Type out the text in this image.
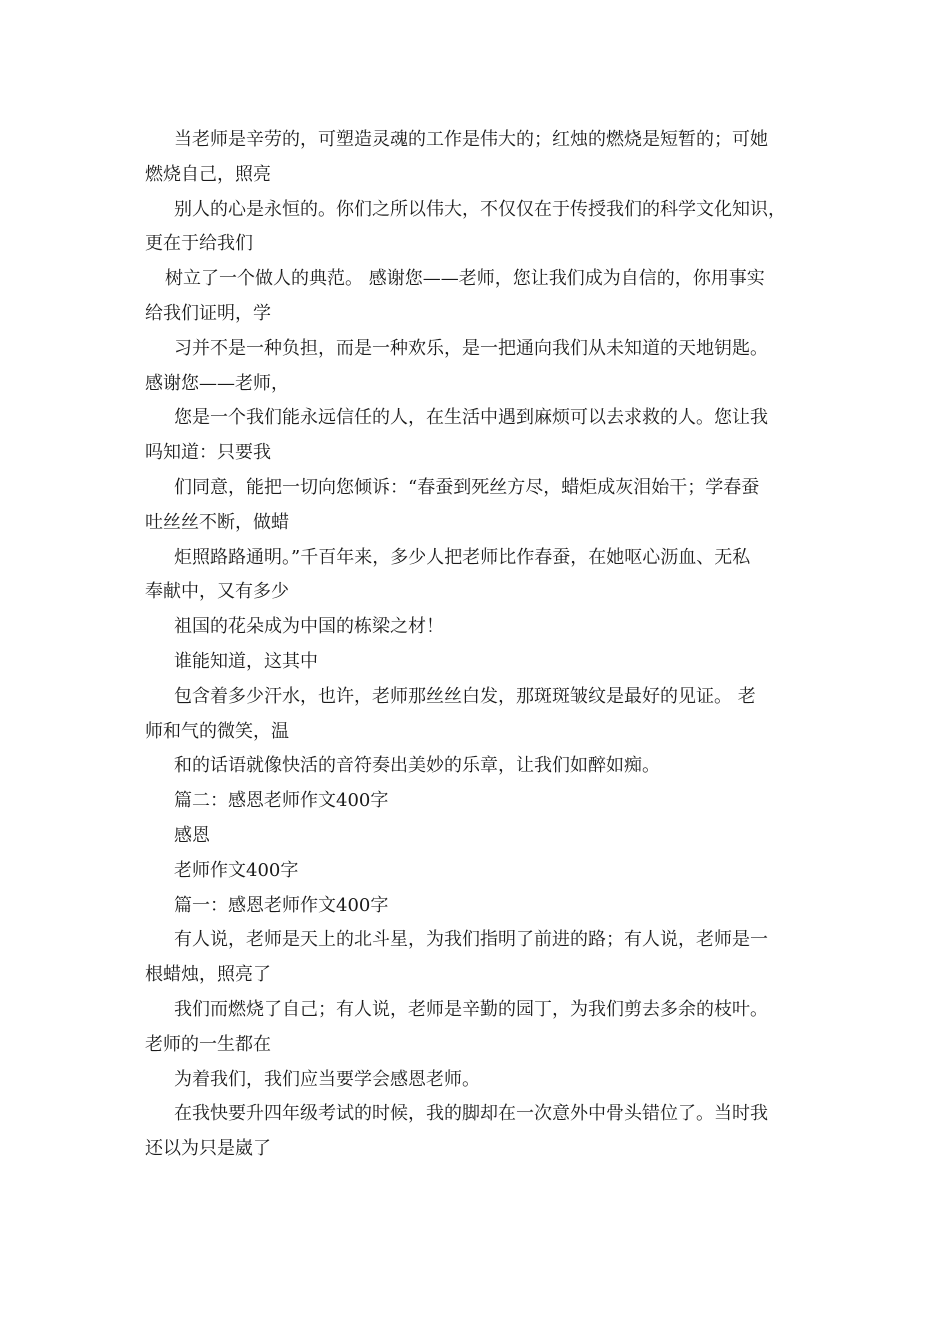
当老师是辛劳的，可塑造灵魂的工作是伟大的；红烛的燃烧是短暂的；可她
燃烧自己，照亮
别人的心是永恒的。你们之所以伟大，不仅仅在于传授我们的科学文化知识，
更在于给我们
树立了一个做人的典范。 感谢您——老师，您让我们成为自信的，你用事实
给我们证明，学
习并不是一种负担，而是一种欢乐，是一把通向我们从未知道的天地钥匙。
感谢您——老师，
您是一个我们能永远信任的人，在生活中遇到麻烦可以去求救的人。您让我
吗知道：只要我
们同意，能把一切向您倾诉：“春蚕到死丝方尽，蜡炬成灰泪始干；学春蚕
吐丝丝不断，做蜡
炬照路路通明。”千百年来，多少人把老师比作春蚕，在她呕心沥血、无私
奉献中，又有多少
祖国的花朵成为中国的栋梁之材！
谁能知道，这其中
包含着多少汗水，也许，老师那丝丝白发，那斑斑皱纹是最好的见证。 老
师和气的微笑，温
和的话语就像快活的音符奏出美妙的乐章，让我们如醉如痴。
篇二：感恩老师作文400字
感恩
老师作文400字
篇一：感恩老师作文400字
有人说，老师是天上的北斗星，为我们指明了前进的路；有人说，老师是一
根蜡烛，照亮了
我们而燃烧了自己；有人说，老师是辛勤的园丁，为我们剪去多余的枝叶。
老师的一生都在
为着我们，我们应当要学会感恩老师。
在我快要升四年级考试的时候，我的脚却在一次意外中骨头错位了。当时我
还以为只是崴了
